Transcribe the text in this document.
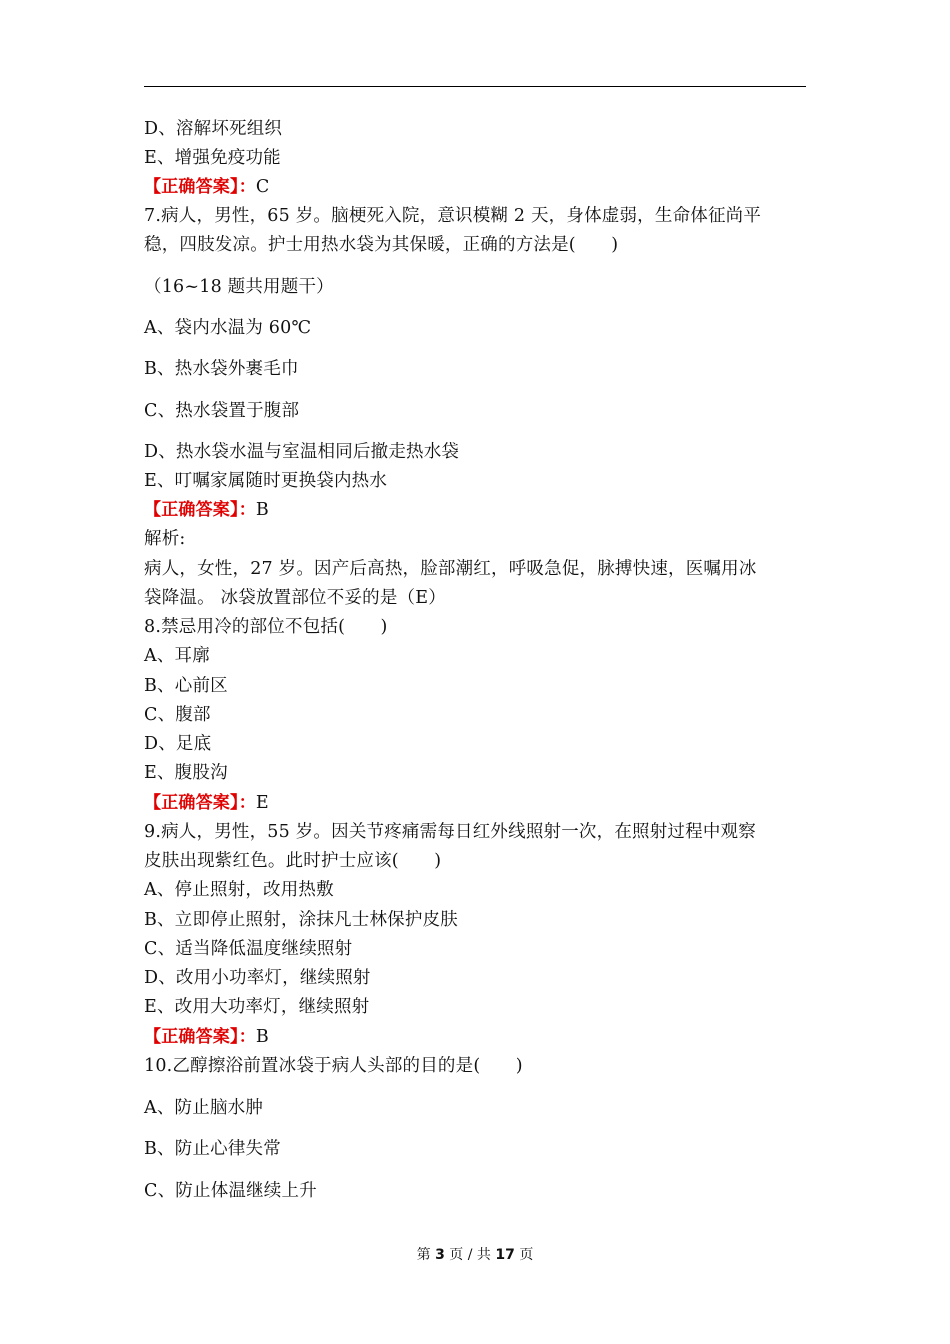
D、溶解坏死组织
E、增强免疫功能
【正确答案】：C
7.病人，男性，65 岁。脑梗死入院，意识模糊 2 天，身体虚弱，生命体征尚平
稳，四肢发凉。护士用热水袋为其保暖，正确的方法是(　　)
（16~18 题共用题干）
A、袋内水温为 60℃
B、热水袋外裹毛巾
C、热水袋置于腹部
D、热水袋水温与室温相同后撤走热水袋
E、叮嘱家属随时更换袋内热水
【正确答案】：B
解析:
病人，女性，27 岁。因产后高热，脸部潮红，呼吸急促，脉搏快速，医嘱用冰
袋降温。 冰袋放置部位不妥的是（E）
8.禁忌用冷的部位不包括(　　)
A、耳廓
B、心前区
C、腹部
D、足底
E、腹股沟
【正确答案】：E
9.病人，男性，55 岁。因关节疼痛需每日红外线照射一次，在照射过程中观察
皮肤出现紫红色。此时护士应该(　　)
A、停止照射，改用热敷
B、立即停止照射，涂抹凡士林保护皮肤
C、适当降低温度继续照射
D、改用小功率灯，继续照射
E、改用大功率灯，继续照射
【正确答案】：B
10.乙醇擦浴前置冰袋于病人头部的目的是(　　)
A、防止脑水肿
B、防止心律失常
C、防止体温继续上升
第 3 页 / 共 17 页
